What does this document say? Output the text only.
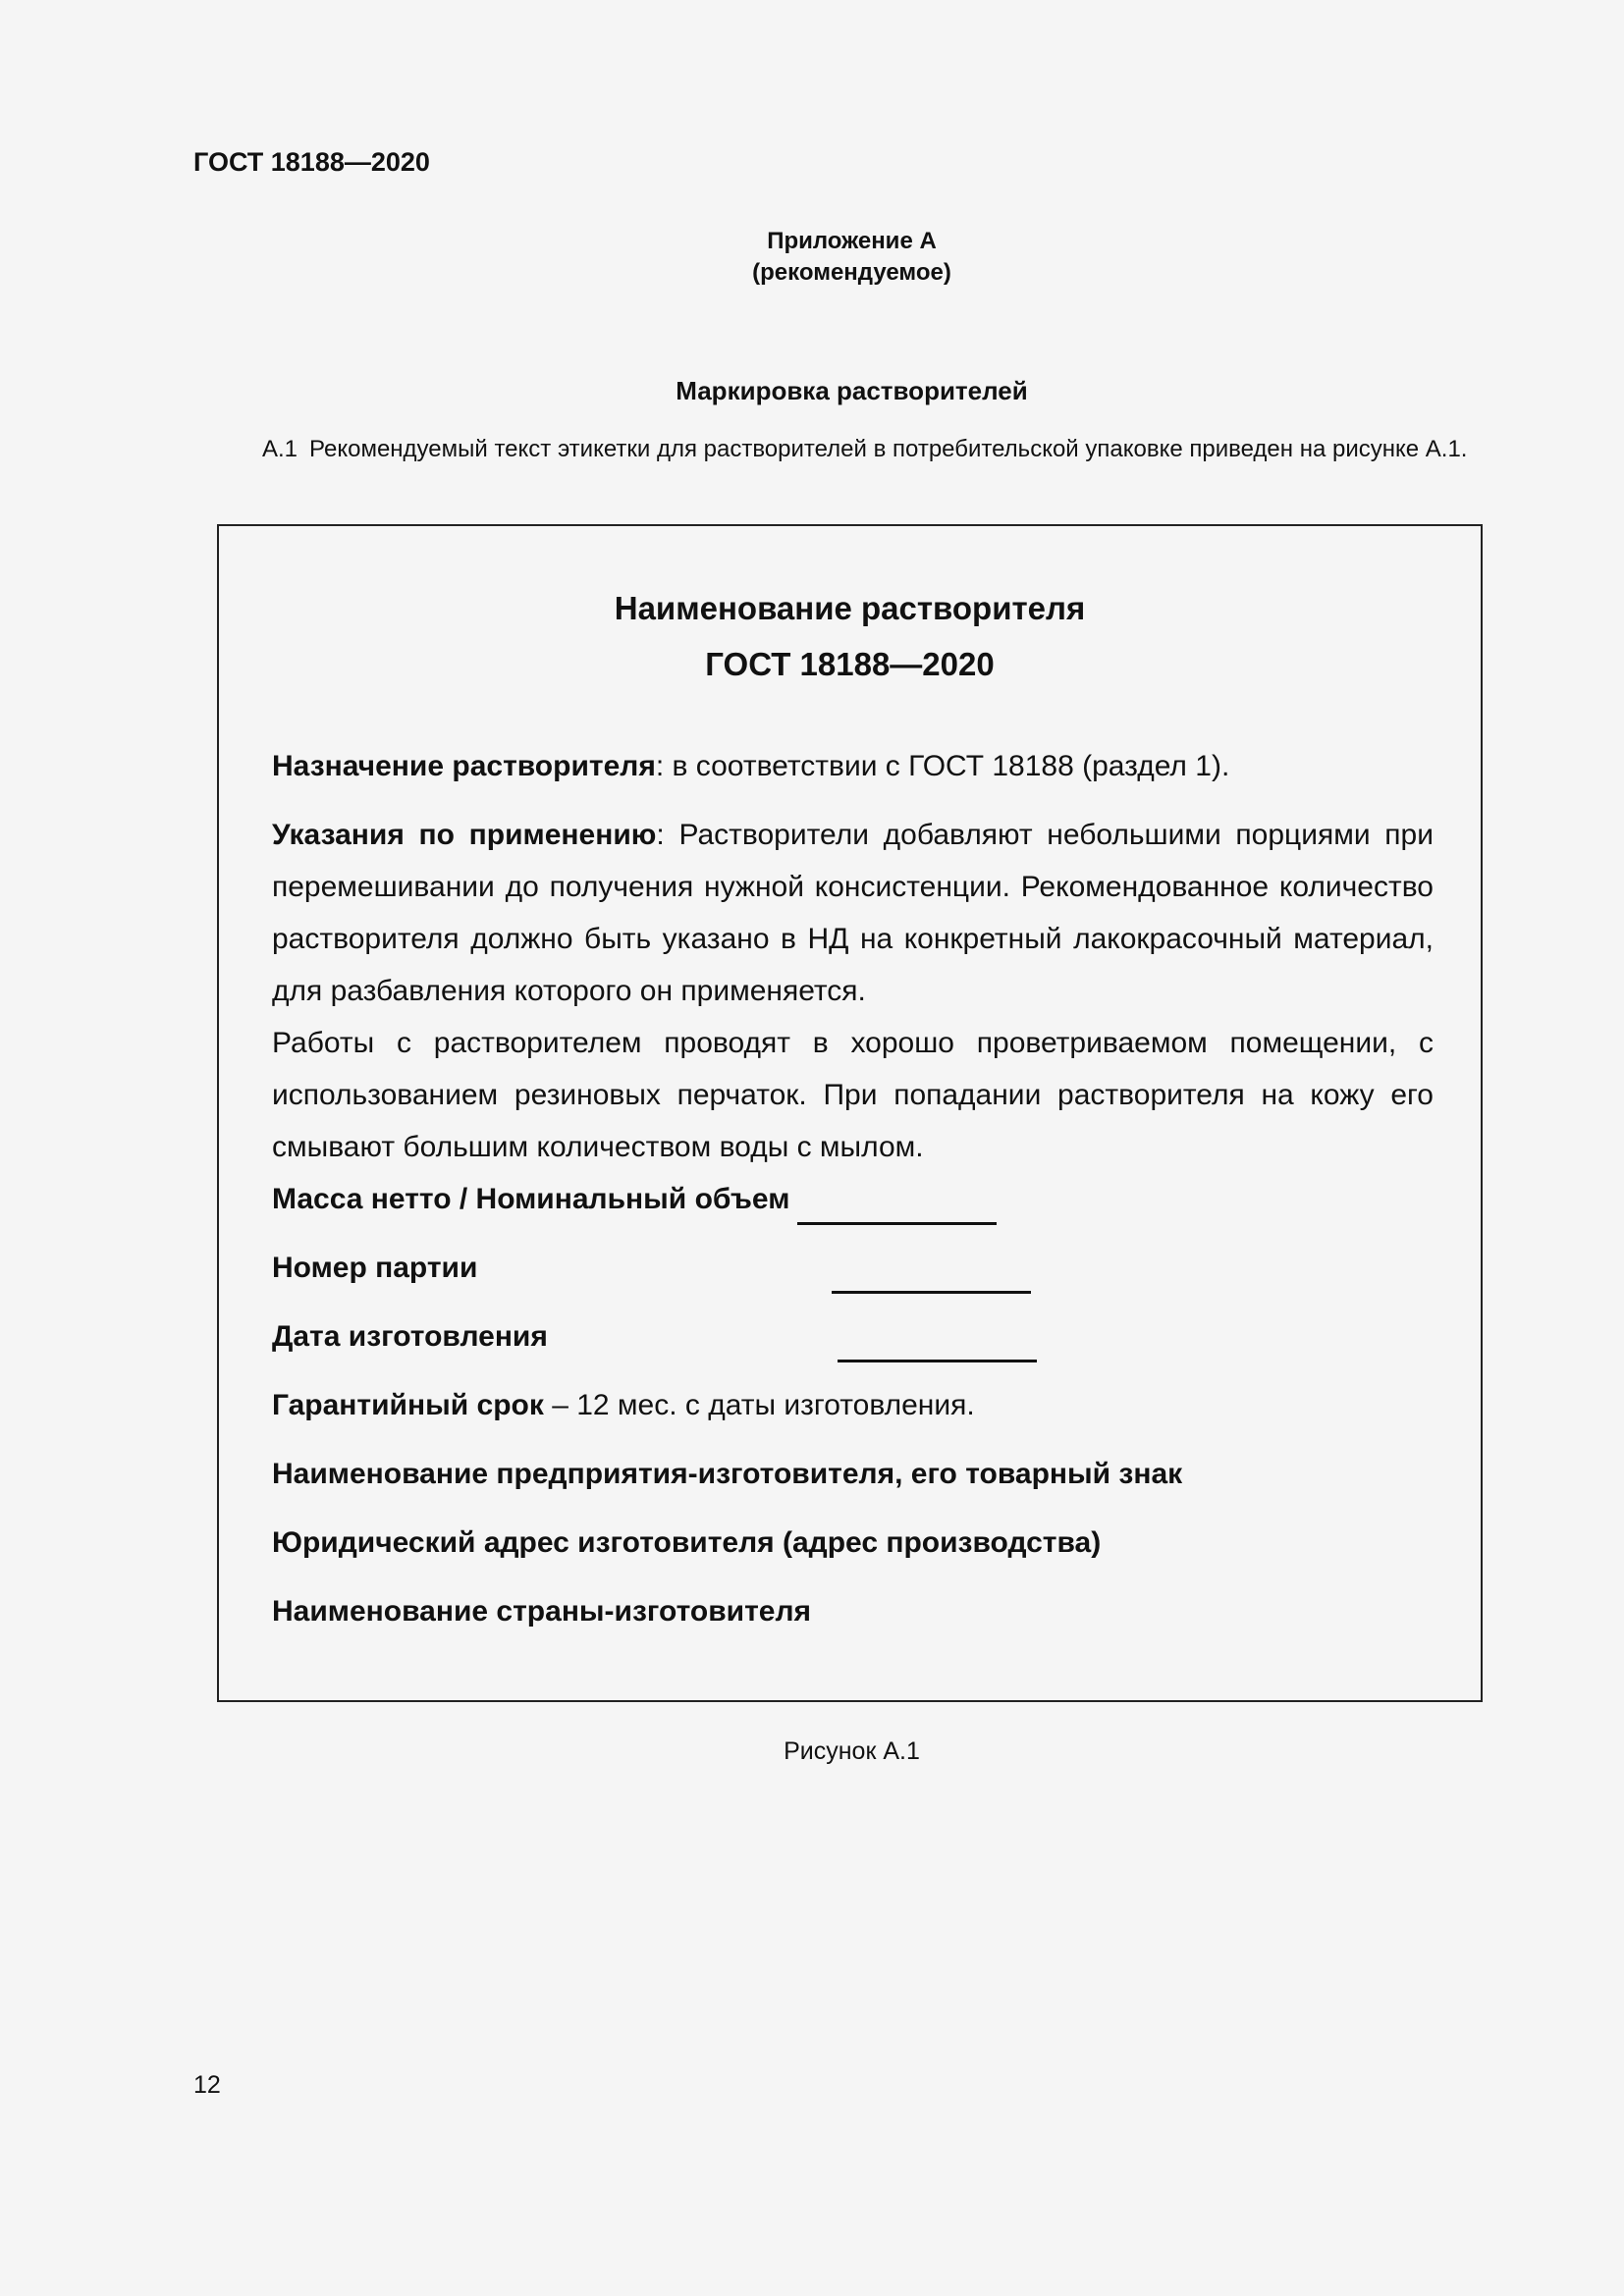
ГОСТ 18188—2020
Приложение А
(рекомендуемое)
Маркировка растворителей
А.1 Рекомендуемый текст этикетки для растворителей в потребительской упаковке приведен на рисунке А.1.
Наименование растворителя
ГОСТ 18188—2020

Назначение растворителя: в соответствии с ГОСТ 18188 (раздел 1).

Указания по применению: Растворители добавляют небольшими порциями при перемешивании до получения нужной консистенции. Рекомендованное количество растворителя должно быть указано в НД на конкретный лакокрасочный материал, для разбавления которого он применяется.

Работы с растворителем проводят в хорошо проветриваемом помещении, с использованием резиновых перчаток. При попадании растворителя на кожу его смывают большим количеством воды с мылом.

Масса нетто / Номинальный объем
Номер партии
Дата изготовления

Гарантийный срок – 12 мес. с даты изготовления.

Наименование предприятия-изготовителя, его товарный знак

Юридический адрес изготовителя (адрес производства)

Наименование страны-изготовителя

Рисунок А.1
12
